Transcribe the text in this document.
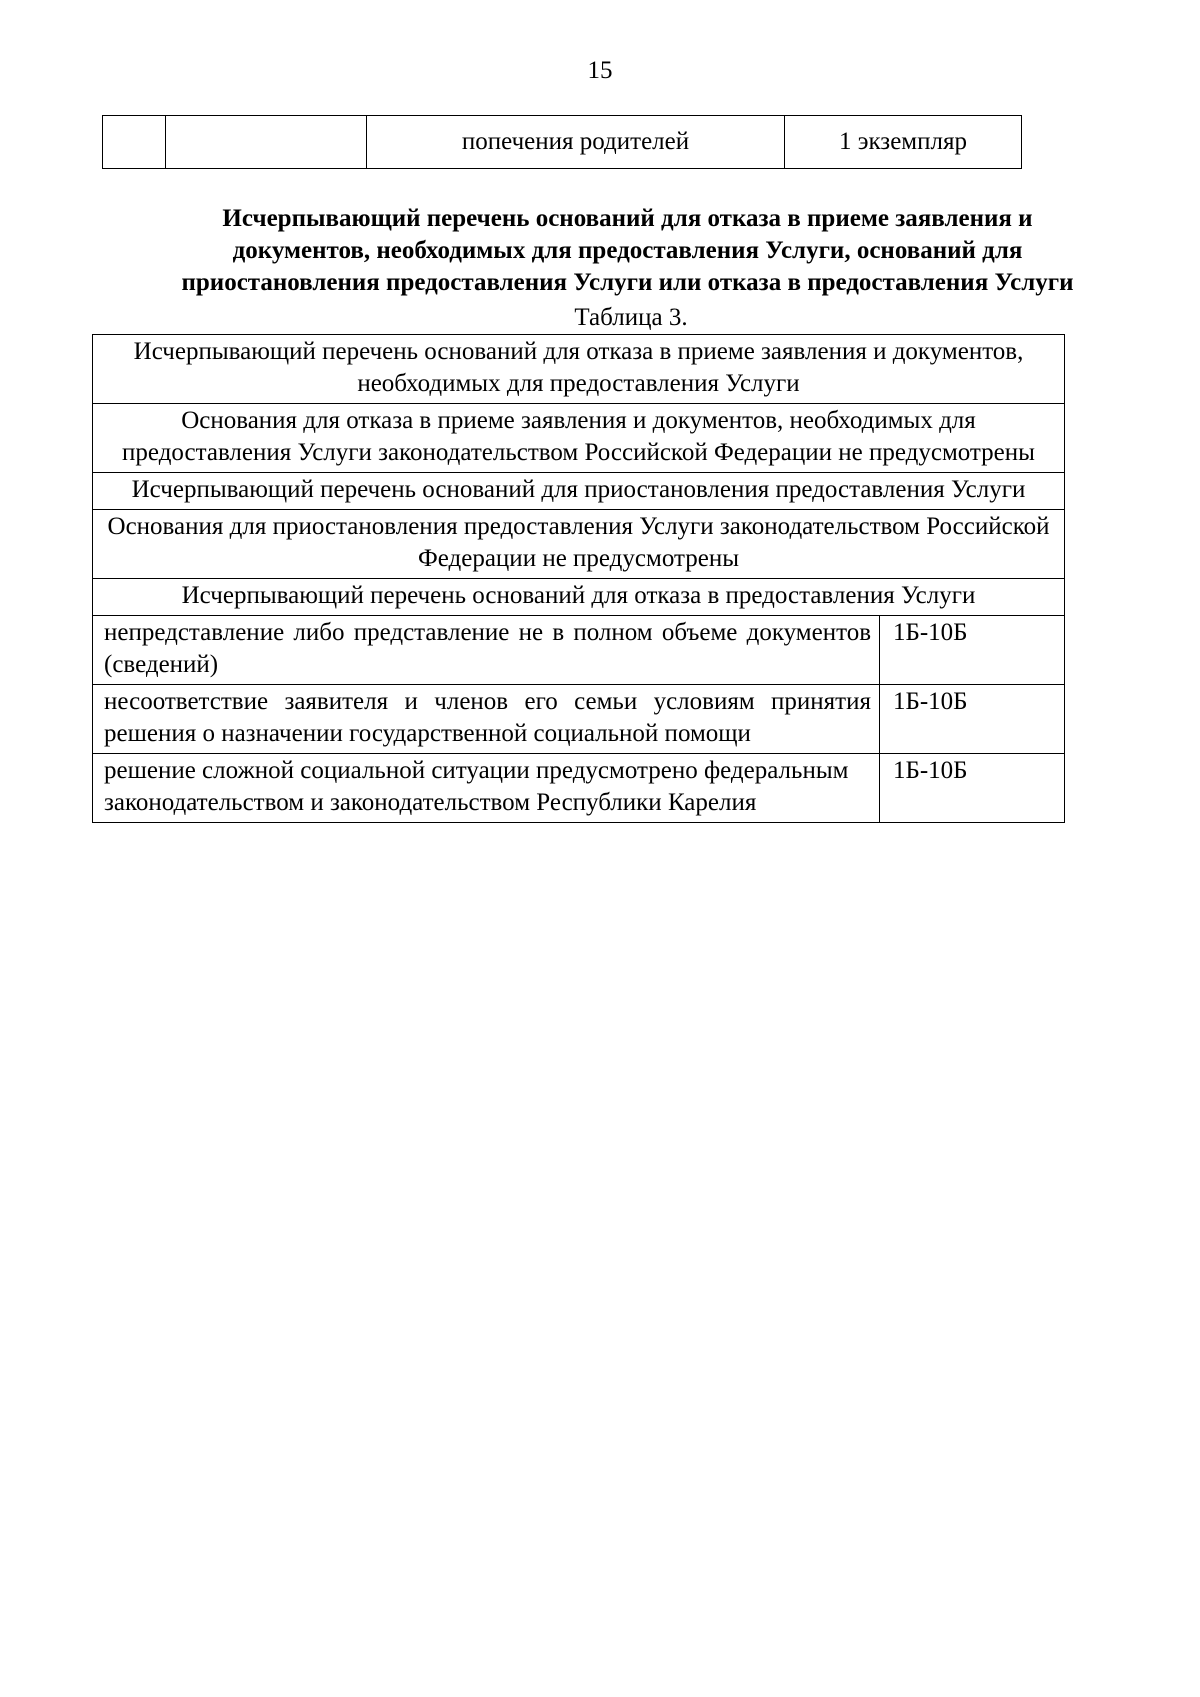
15
		попечения родителей	1 экземпляр
Исчерпывающий перечень оснований для отказа в приеме заявления и
документов, необходимых для предоставления Услуги, оснований для
приостановления предоставления Услуги или отказа в предоставления Услуги
Таблица 3.
Исчерпывающий перечень оснований для отказа в приеме заявления и документов, необходимых для предоставления Услуги	
Основания для отказа в приеме заявления и документов, необходимых для предоставления Услуги законодательством Российской Федерации не предусмотрены	
Исчерпывающий перечень оснований для приостановления предоставления Услуги	
Основания для приостановления предоставления Услуги законодательством Российской Федерации не предусмотрены	
Исчерпывающий перечень оснований для отказа в предоставления Услуги	
непредставление либо представление не в полном объеме документов (сведений)	1Б-10Б
несоответствие заявителя и членов его семьи условиям принятия решения о назначении государственной социальной помощи	1Б-10Б
решение сложной социальной ситуации предусмотрено федеральным законодательством и законодательством Республики Карелия	1Б-10Б
